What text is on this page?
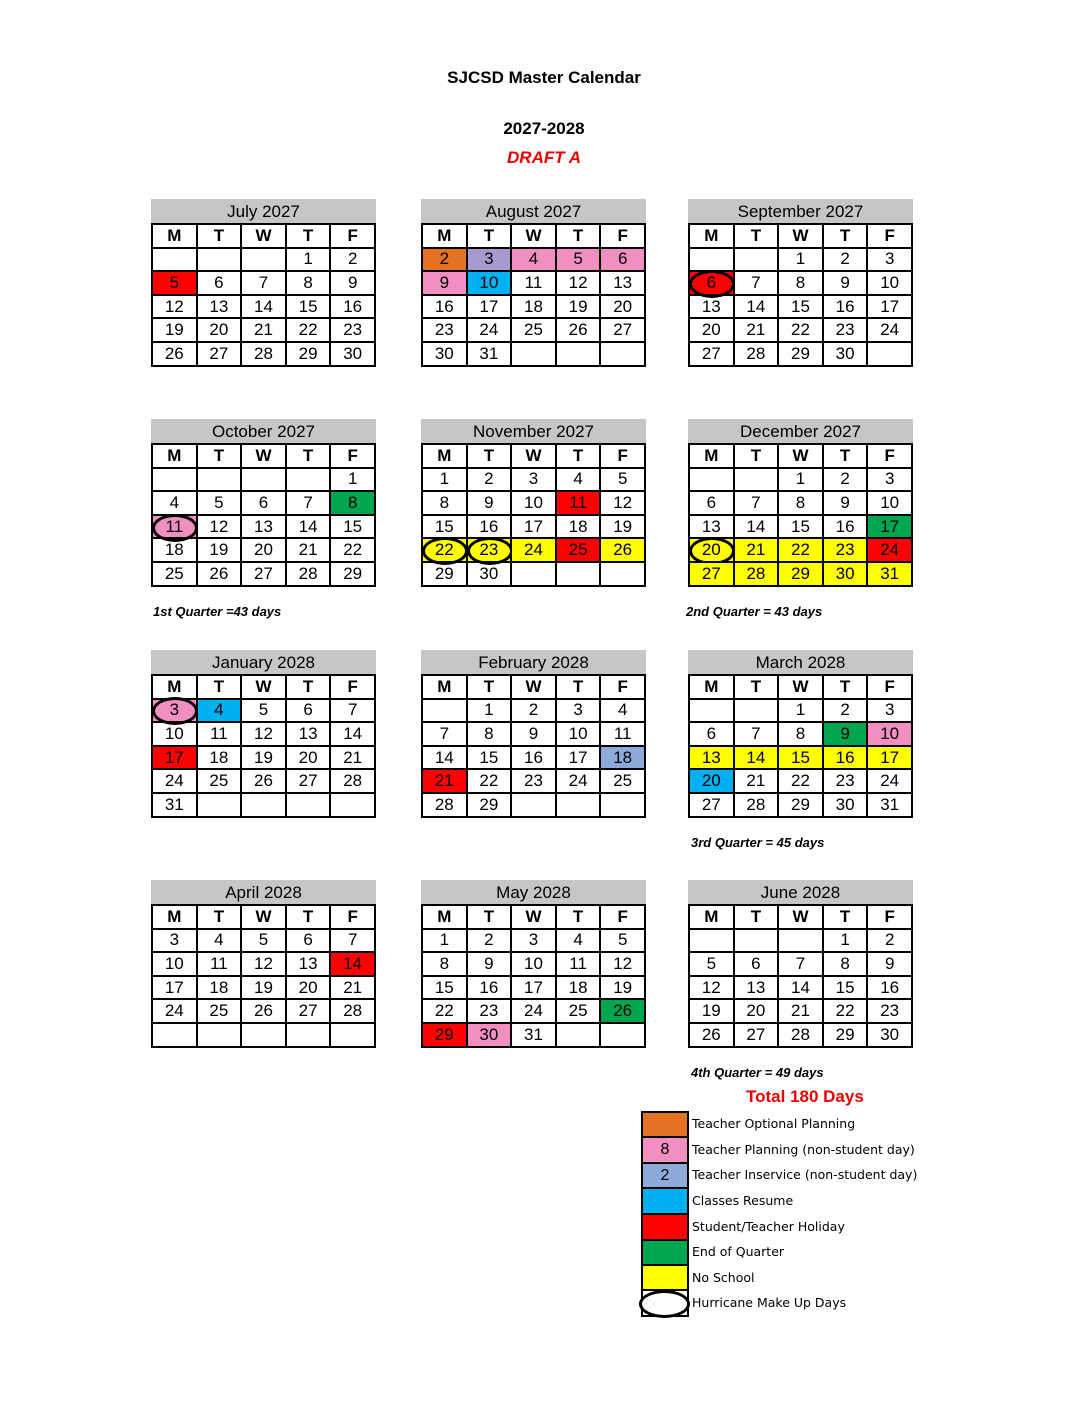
SJCSD Master Calendar
2027-2028
DRAFT A
July 2027
M	T	W	T	F
			1	2
5	6	7	8	9
12	13	14	15	16
19	20	21	22	23
26	27	28	29	30
August 2027
M	T	W	T	F
2	3	4	5	6
9	10	11	12	13
16	17	18	19	20
23	24	25	26	27
30	31			
September 2027
M	T	W	T	F
		1	2	3
6	7	8	9	10
13	14	15	16	17
20	21	22	23	24
27	28	29	30	
October 2027
M	T	W	T	F
				1
4	5	6	7	8
11	12	13	14	15
18	19	20	21	22
25	26	27	28	29
November 2027
M	T	W	T	F
1	2	3	4	5
8	9	10	11	12
15	16	17	18	19
22	23	24	25	26
29	30			
December 2027
M	T	W	T	F
		1	2	3
6	7	8	9	10
13	14	15	16	17
20	21	22	23	24
27	28	29	30	31
January 2028
M	T	W	T	F
3	4	5	6	7
10	11	12	13	14
17	18	19	20	21
24	25	26	27	28
31				
February 2028
M	T	W	T	F
	1	2	3	4
7	8	9	10	11
14	15	16	17	18
21	22	23	24	25
28	29			
March 2028
M	T	W	T	F
		1	2	3
6	7	8	9	10
13	14	15	16	17
20	21	22	23	24
27	28	29	30	31
April 2028
M	T	W	T	F
3	4	5	6	7
10	11	12	13	14
17	18	19	20	21
24	25	26	27	28

May 2028
M	T	W	T	F
1	2	3	4	5
8	9	10	11	12
15	16	17	18	19
22	23	24	25	26
29	30	31		
June 2028
M	T	W	T	F
			1	2
5	6	7	8	9
12	13	14	15	16
19	20	21	22	23
26	27	28	29	30
1st Quarter =43 days	2nd Quarter = 43 days
3rd Quarter = 45 days
4th Quarter = 49 days
Total 180 Days
Teacher Optional Planning
8	Teacher Planning (non-student day)
2	Teacher Inservice (non-student day)
Classes Resume
Student/Teacher Holiday
End of Quarter
No School
Hurricane Make Up Days
